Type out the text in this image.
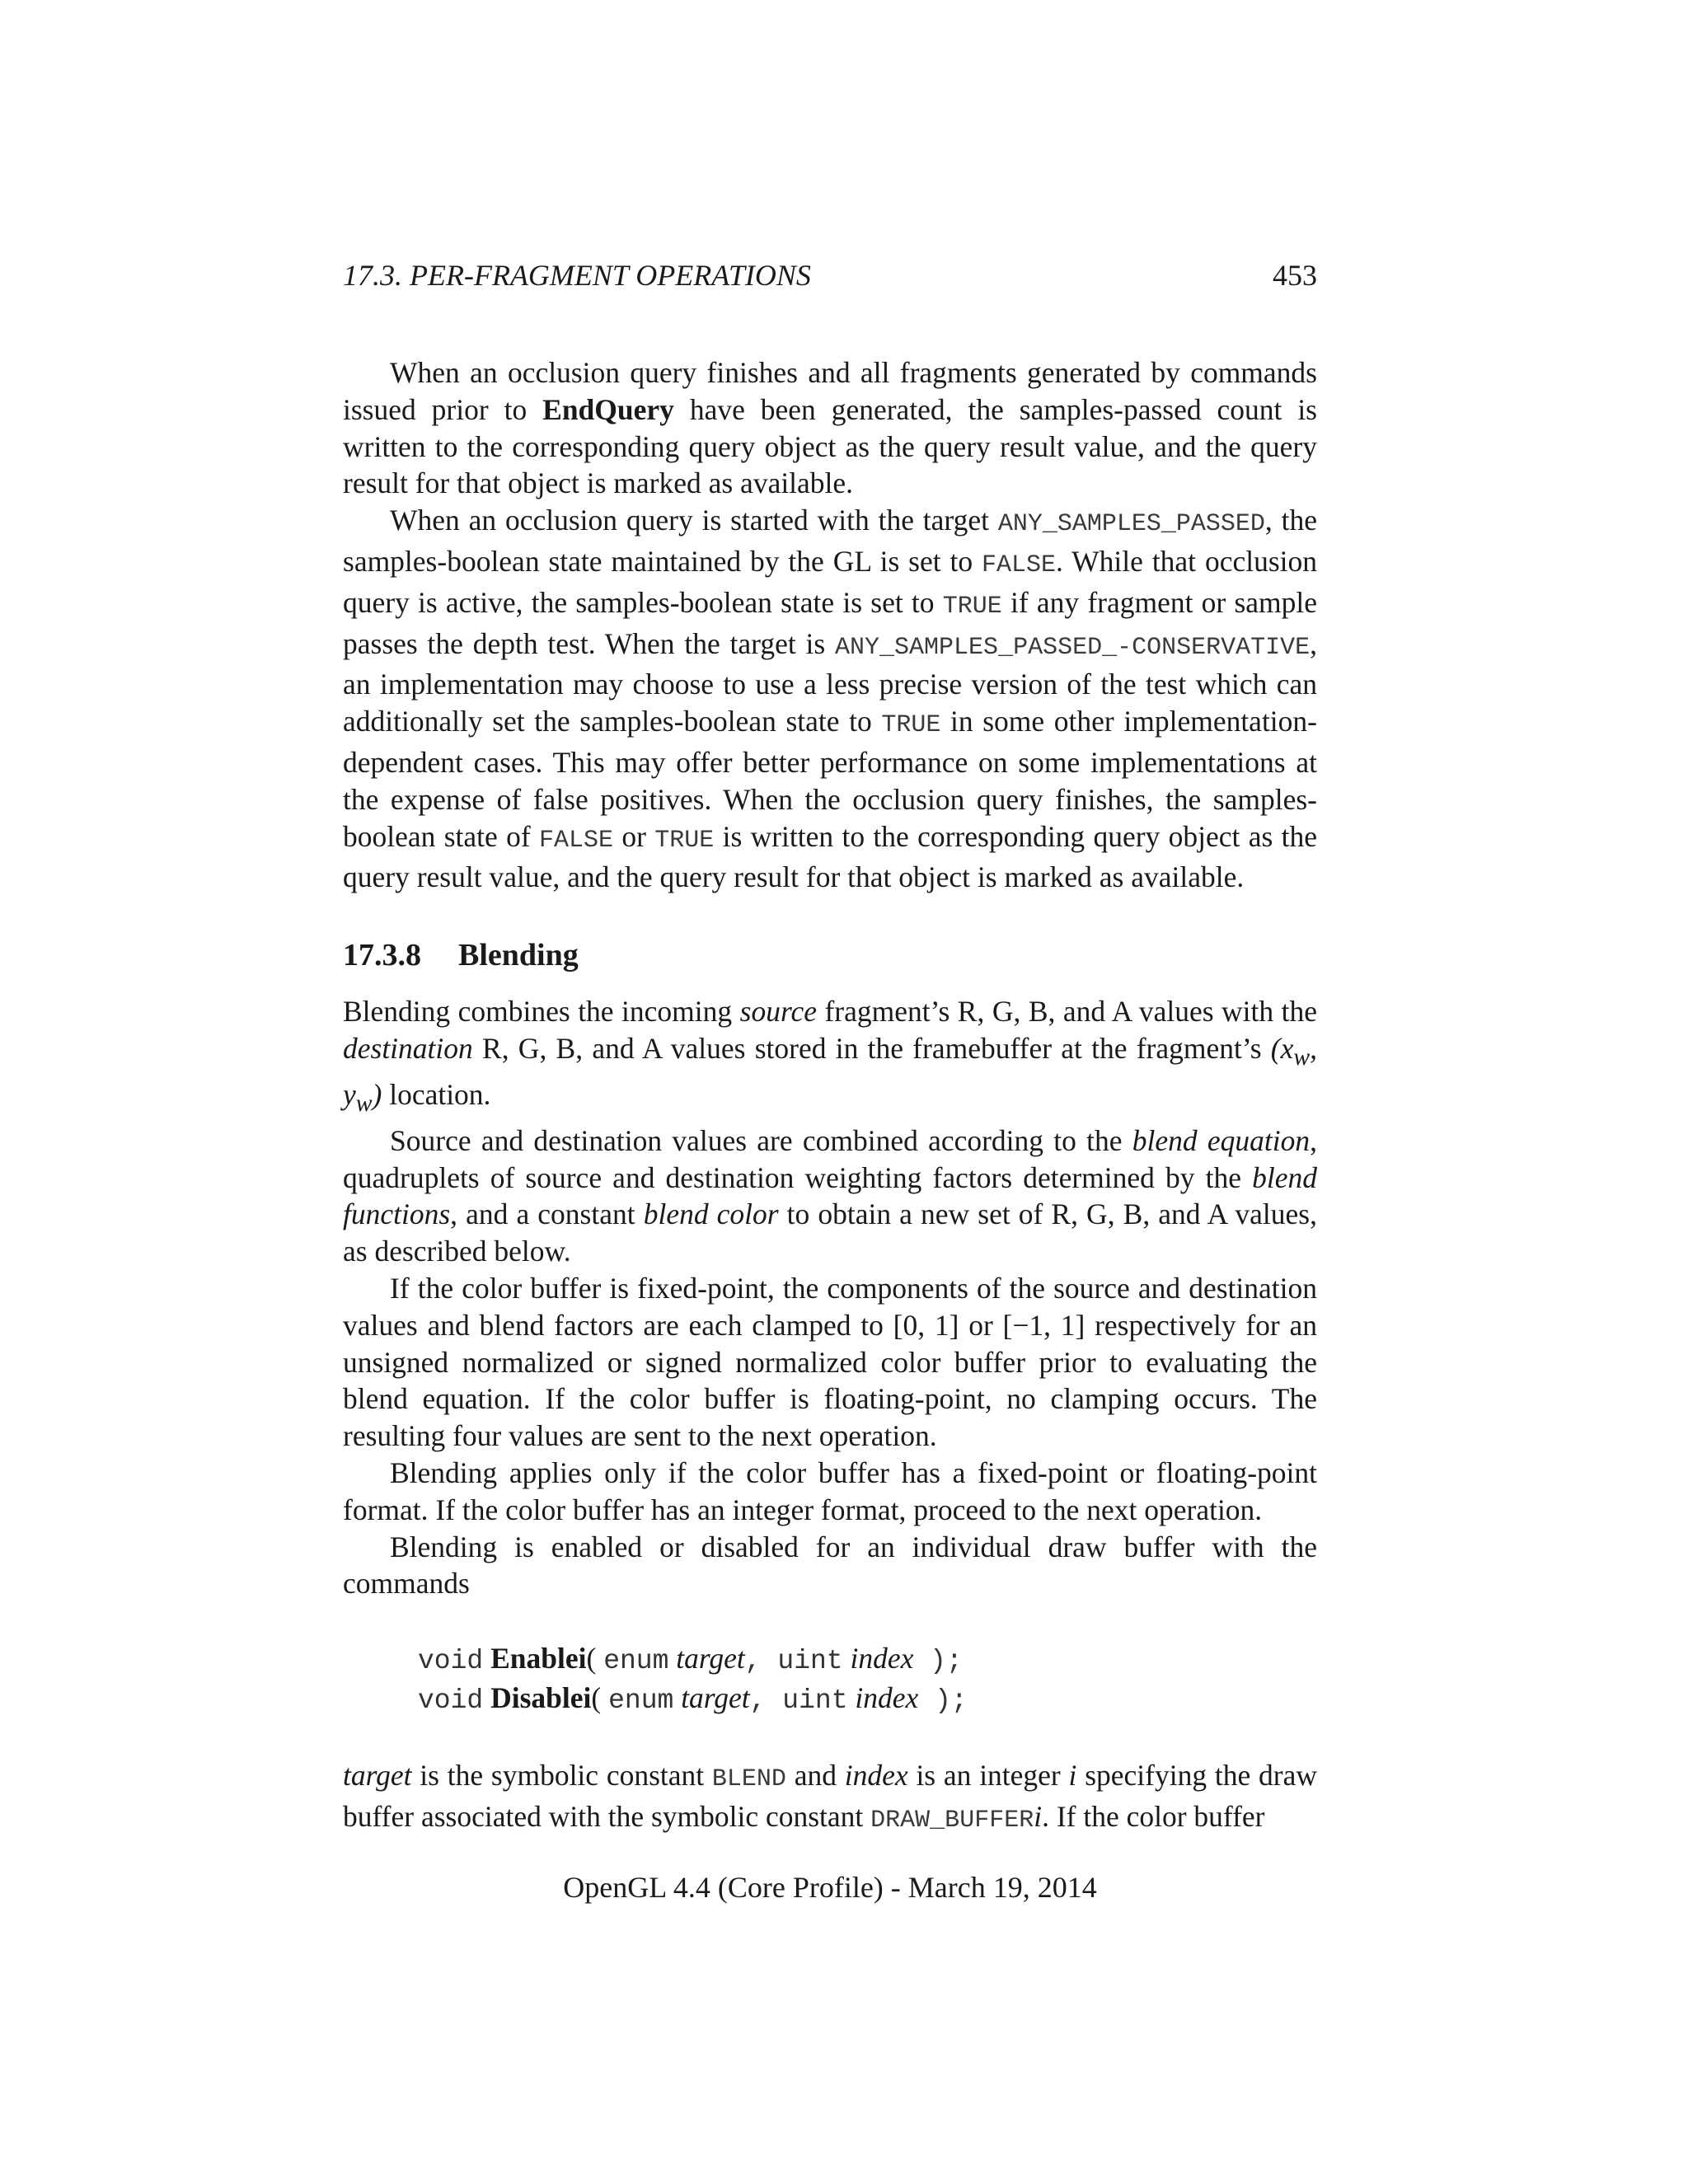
17.3. PER-FRAGMENT OPERATIONS	453

When an occlusion query finishes and all fragments generated by commands issued prior to EndQuery have been generated, the samples-passed count is written to the corresponding query object as the query result value, and the query result for that object is marked as available.

When an occlusion query is started with the target ANY_SAMPLES_PASSED, the samples-boolean state maintained by the GL is set to FALSE. While that occlusion query is active, the samples-boolean state is set to TRUE if any fragment or sample passes the depth test. When the target is ANY_SAMPLES_PASSED_-CONSERVATIVE, an implementation may choose to use a less precise version of the test which can additionally set the samples-boolean state to TRUE in some other implementation-dependent cases. This may offer better performance on some implementations at the expense of false positives. When the occlusion query finishes, the samples-boolean state of FALSE or TRUE is written to the corresponding query object as the query result value, and the query result for that object is marked as available.

17.3.8 Blending

Blending combines the incoming source fragment’s R, G, B, and A values with the destination R, G, B, and A values stored in the framebuffer at the fragment’s ($x_w$, $y_w$) location.

Source and destination values are combined according to the blend equation, quadruplets of source and destination weighting factors determined by the blend functions, and a constant blend color to obtain a new set of R, G, B, and A values, as described below.

If the color buffer is fixed-point, the components of the source and destination values and blend factors are each clamped to [0, 1] or [−1, 1] respectively for an unsigned normalized or signed normalized color buffer prior to evaluating the blend equation. If the color buffer is floating-point, no clamping occurs. The resulting four values are sent to the next operation.

Blending applies only if the color buffer has a fixed-point or floating-point format. If the color buffer has an integer format, proceed to the next operation.

Blending is enabled or disabled for an individual draw buffer with the commands

void Enablei( enum target, uint index );
void Disablei( enum target, uint index );

target is the symbolic constant BLEND and index is an integer i specifying the draw buffer associated with the symbolic constant DRAW_BUFFERi. If the color buffer

OpenGL 4.4 (Core Profile) - March 19, 2014
